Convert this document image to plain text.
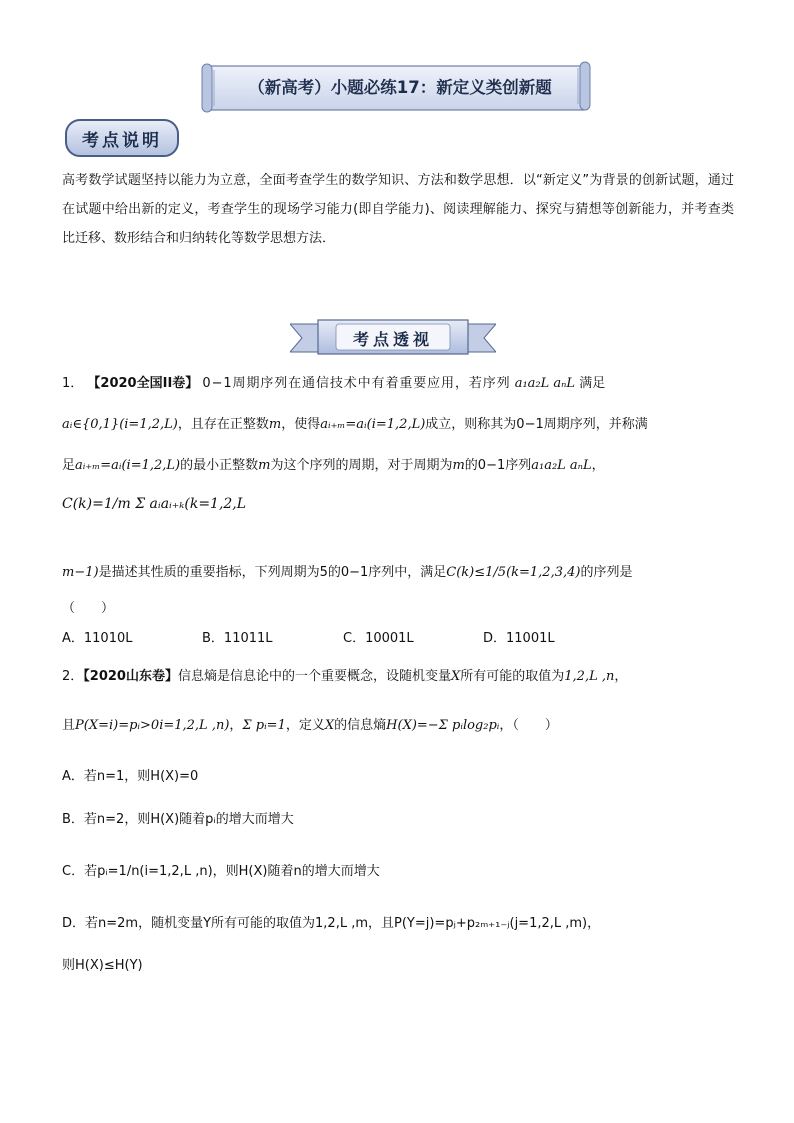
（新高考）小题必练17：新定义类创新题
考点说明
高考数学试题坚持以能力为立意，全面考查学生的数学知识、方法和数学思想．以“新定义”为背景的创新试题，通过在试题中给出新的定义，考查学生的现场学习能力(即自学能力)、阅读理解能力、探究与猜想等创新能力，并考查类比迁移、数形结合和归纳转化等数学思想方法．
考点透视
1． 【2020全国II卷】 0−1周期序列在通信技术中有着重要应用，若序列 a₁a₂L aₙL 满足
aᵢ∈{0,1}(i=1,2,L)，且存在正整数m，使得aᵢ₊ₘ=aᵢ(i=1,2,L)成立，则称其为0−1周期序列，并称满
足aᵢ₊ₘ=aᵢ(i=1,2,L)的最小正整数m为这个序列的周期，对于周期为m的0−1序列a₁a₂L aₙL，
C(k)=1/m Σ aᵢaᵢ₊ₖ(k=1,2,L
m−1)是描述其性质的重要指标，下列周期为5的0−1序列中，满足C(k)≤1/5(k=1,2,3,4)的序列是
（　　）
A．11010L	B．11011L	C．10001L	D．11001L
2．【2020山东卷】信息熵是信息论中的一个重要概念，设随机变量X所有可能的取值为1,2,L ,n，
且P(X=i)=pᵢ>0i=1,2,L ,n)，Σ pᵢ=1，定义X的信息熵H(X)=−Σ pᵢlog₂pᵢ，（　　）
A．若n=1，则H(X)=0
B．若n=2，则H(X)随着pᵢ的增大而增大
C．若pᵢ=1/n(i=1,2,L ,n)，则H(X)随着n的增大而增大
D．若n=2m，随机变量Y所有可能的取值为1,2,L ,m，且P(Y=j)=pⱼ+p₂ₘ₊₁₋ⱼ(j=1,2,L ,m)，
则H(X)≤H(Y)
